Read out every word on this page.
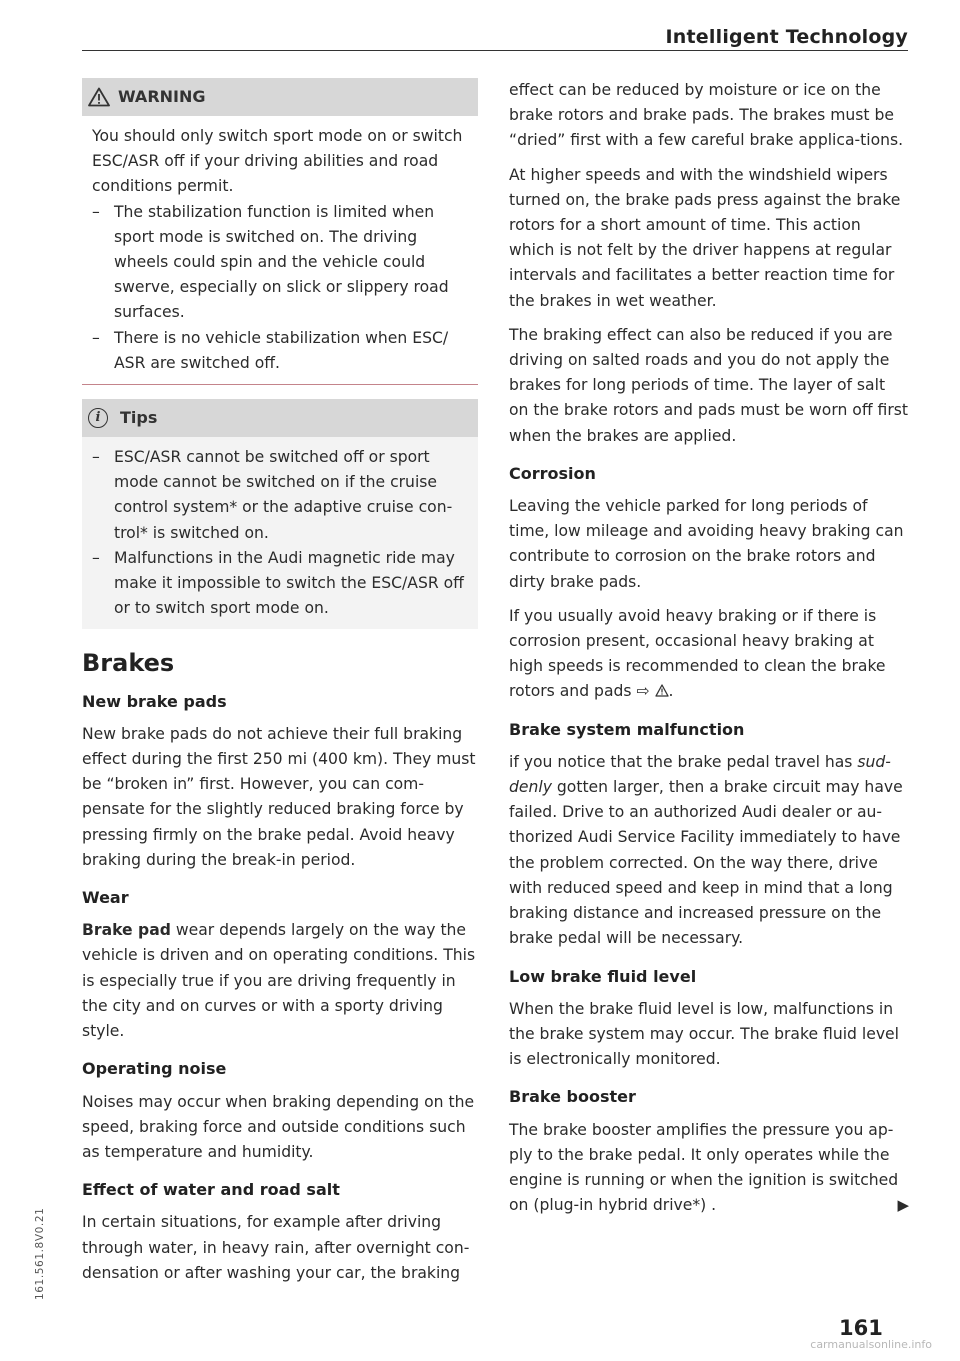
Intelligent Technology
WARNING

You should only switch sport mode on or switch ESC/ASR off if your driving abilities and road conditions permit.

– The stabilization function is limited when sport mode is switched on. The driving wheels could spin and the vehicle could swerve, especially on slick or slippery road surfaces.
– There is no vehicle stabilization when ESC/ ASR are switched off.
i	Tips
– ESC/ASR cannot be switched off or sport mode cannot be switched on if the cruise control system* or the adaptive cruise con-trol* is switched on.
– Malfunctions in the Audi magnetic ride may make it impossible to switch the ESC/ASR off or to switch sport mode on.
Brakes
New brake pads

New brake pads do not achieve their full braking effect during the first 250 mi (400 km). They must be “broken in” first. However, you can com-pensate for the slightly reduced braking force by pressing firmly on the brake pedal. Avoid heavy braking during the break-in period.

Wear

Brake pad wear depends largely on the way the vehicle is driven and on operating conditions. This is especially true if you are driving frequently in the city and on curves or with a sporty driving style.

Operating noise

Noises may occur when braking depending on the speed, braking force and outside conditions such as temperature and humidity.

Effect of water and road salt

In certain situations, for example after driving through water, in heavy rain, after overnight con-densation or after washing your car, the braking

effect can be reduced by moisture or ice on the brake rotors and brake pads. The brakes must be “dried” first with a few careful brake applica-tions.

At higher speeds and with the windshield wipers turned on, the brake pads press against the brake rotors for a short amount of time. This action which is not felt by the driver happens at regular intervals and facilitates a better reaction time for the brakes in wet weather.

The braking effect can also be reduced if you are driving on salted roads and you do not apply the brakes for long periods of time. The layer of salt on the brake rotors and pads must be worn off first when the brakes are applied.

Corrosion

Leaving the vehicle parked for long periods of time, low mileage and avoiding heavy braking can contribute to corrosion on the brake rotors and dirty brake pads.

If you usually avoid heavy braking or if there is corrosion present, occasional heavy braking at high speeds is recommended to clean the brake rotors and pads ⇨ .

Brake system malfunction

if you notice that the brake pedal travel has sud-denly gotten larger, then a brake circuit may have failed. Drive to an authorized Audi dealer or au-thorized Audi Service Facility immediately to have the problem corrected. On the way there, drive with reduced speed and keep in mind that a long braking distance and increased pressure on the brake pedal will be necessary.

Low brake fluid level

When the brake fluid level is low, malfunctions in the brake system may occur. The brake fluid level is electronically monitored.

Brake booster

The brake booster amplifies the pressure you ap-ply to the brake pedal. It only operates while the engine is running or when the ignition is switched on (plug-in hybrid drive*) .	▶

161
161.561.8V0.21
carmanualsonline.info
